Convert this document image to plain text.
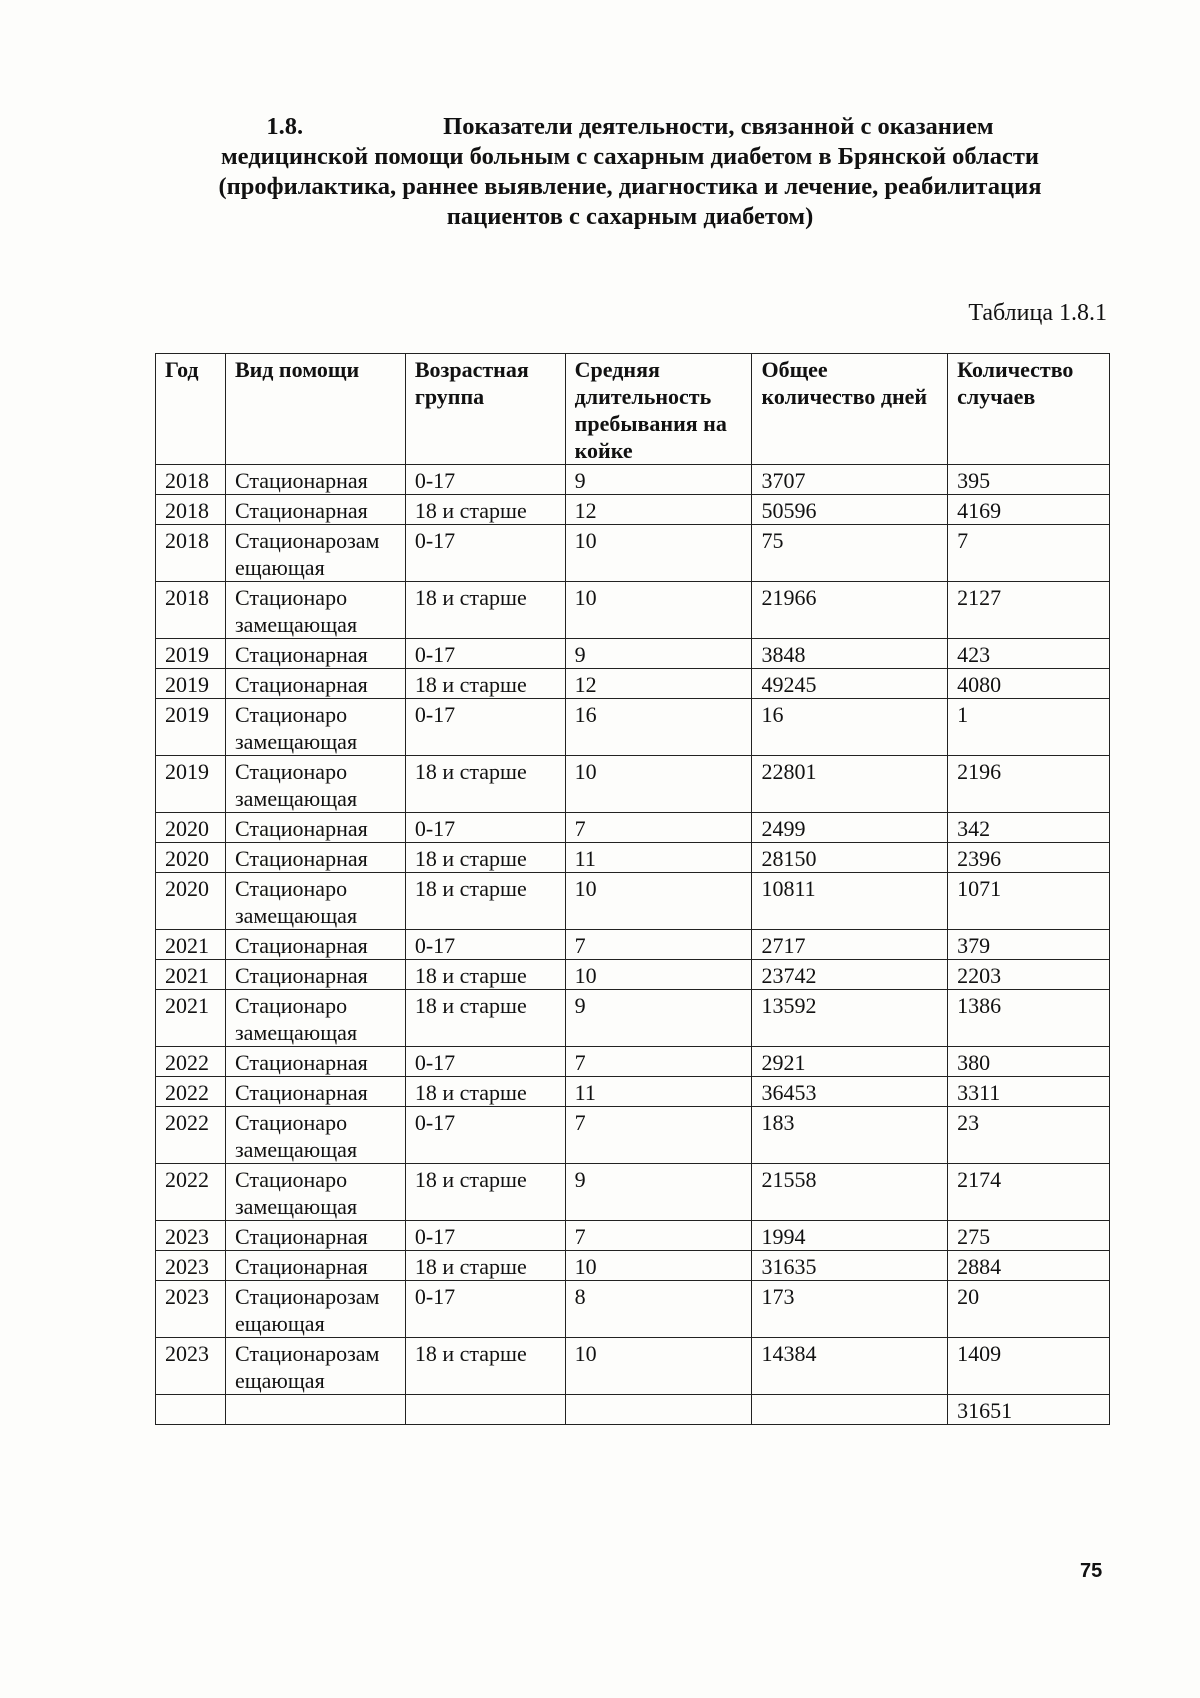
1.8.	Показатели деятельности, связанной с оказанием медицинской помощи больным с сахарным диабетом в Брянской области (профилактика, раннее выявление, диагностика и лечение, реабилитация пациентов с сахарным диабетом)
Таблица 1.8.1
Год	Вид помощи	Возрастная группа	Средняя длительность пребывания на койке	Общее количество дней	Количество случаев
2018	Стационарная	0-17	9	3707	395
2018	Стационарная	18 и старше	12	50596	4169
2018	Стационарозам ещающая	0-17	10	75	7
2018	Стационаро замещающая	18 и старше	10	21966	2127
2019	Стационарная	0-17	9	3848	423
2019	Стационарная	18 и старше	12	49245	4080
2019	Стационаро замещающая	0-17	16	16	1
2019	Стационаро замещающая	18 и старше	10	22801	2196
2020	Стационарная	0-17	7	2499	342
2020	Стационарная	18 и старше	11	28150	2396
2020	Стационаро замещающая	18 и старше	10	10811	1071
2021	Стационарная	0-17	7	2717	379
2021	Стационарная	18 и старше	10	23742	2203
2021	Стационаро замещающая	18 и старше	9	13592	1386
2022	Стационарная	0-17	7	2921	380
2022	Стационарная	18 и старше	11	36453	3311
2022	Стационаро замещающая	0-17	7	183	23
2022	Стационаро замещающая	18 и старше	9	21558	2174
2023	Стационарная	0-17	7	1994	275
2023	Стационарная	18 и старше	10	31635	2884
2023	Стационарозам ещающая	0-17	8	173	20
2023	Стационарозам ещающая	18 и старше	10	14384	1409
					31651
75
